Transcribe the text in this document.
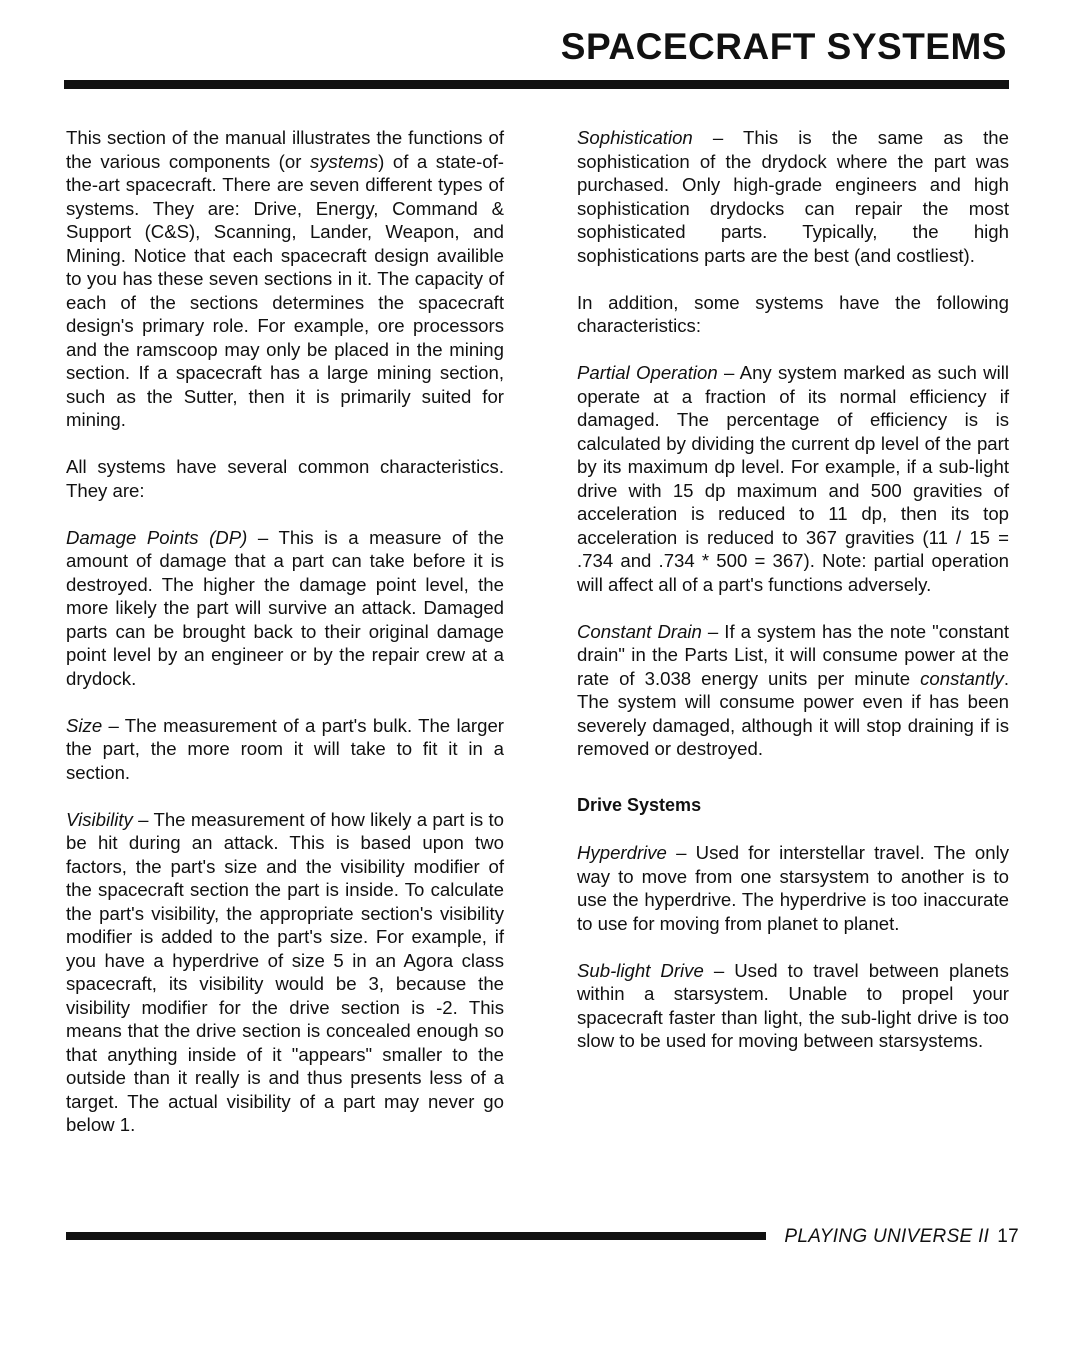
SPACECRAFT SYSTEMS

This section of the manual illustrates the functions of the various components (or systems) of a state-of-the-art spacecraft. There are seven different types of systems. They are: Drive, Energy, Command & Support (C&S), Scanning, Lander, Weapon, and Mining. Notice that each spacecraft design availible to you has these seven sections in it. The capacity of each of the sections determines the spacecraft design's primary role. For example, ore processors and the ramscoop may only be placed in the mining section. If a spacecraft has a large mining section, such as the Sutter, then it is primarily suited for mining.

All systems have several common characteristics. They are:

Damage Points (DP) – This is a measure of the amount of damage that a part can take before it is destroyed. The higher the damage point level, the more likely the part will survive an attack. Damaged parts can be brought back to their original damage point level by an engineer or by the repair crew at a drydock.

Size – The measurement of a part's bulk. The larger the part, the more room it will take to fit it in a section.

Visibility – The measurement of how likely a part is to be hit during an attack. This is based upon two factors, the part's size and the visibility modifier of the spacecraft section the part is inside. To calculate the part's visibility, the appropriate section's visibility modifier is added to the part's size. For example, if you have a hyperdrive of size 5 in an Agora class spacecraft, its visibility would be 3, because the visibility modifier for the drive section is -2. This means that the drive section is concealed enough so that anything inside of it "appears" smaller to the outside than it really is and thus presents less of a target. The actual visibility of a part may never go below 1.

Sophistication – This is the same as the sophistication of the drydock where the part was purchased. Only high-grade engineers and high sophistication drydocks can repair the most sophisticated parts. Typically, the high sophistications parts are the best (and costliest).

In addition, some systems have the following characteristics:

Partial Operation – Any system marked as such will operate at a fraction of its normal efficiency if damaged. The percentage of efficiency is is calculated by dividing the current dp level of the part by its maximum dp level. For example, if a sub-light drive with 15 dp maximum and 500 gravities of acceleration is reduced to 11 dp, then its top acceleration is reduced to 367 gravities (11 / 15 = .734 and .734 * 500 = 367). Note: partial operation will affect all of a part's functions adversely.

Constant Drain – If a system has the note "constant drain" in the Parts List, it will consume power at the rate of 3.038 energy units per minute constantly. The system will consume power even if has been severely damaged, although it will stop draining if is removed or destroyed.

Drive Systems

Hyperdrive – Used for interstellar travel. The only way to move from one starsystem to another is to use the hyperdrive. The hyperdrive is too inaccurate to use for moving from planet to planet.

Sub-light Drive – Used to travel between planets within a starsystem. Unable to propel your spacecraft faster than light, the sub-light drive is too slow to be used for moving between starsystems.

PLAYING UNIVERSE II 17
